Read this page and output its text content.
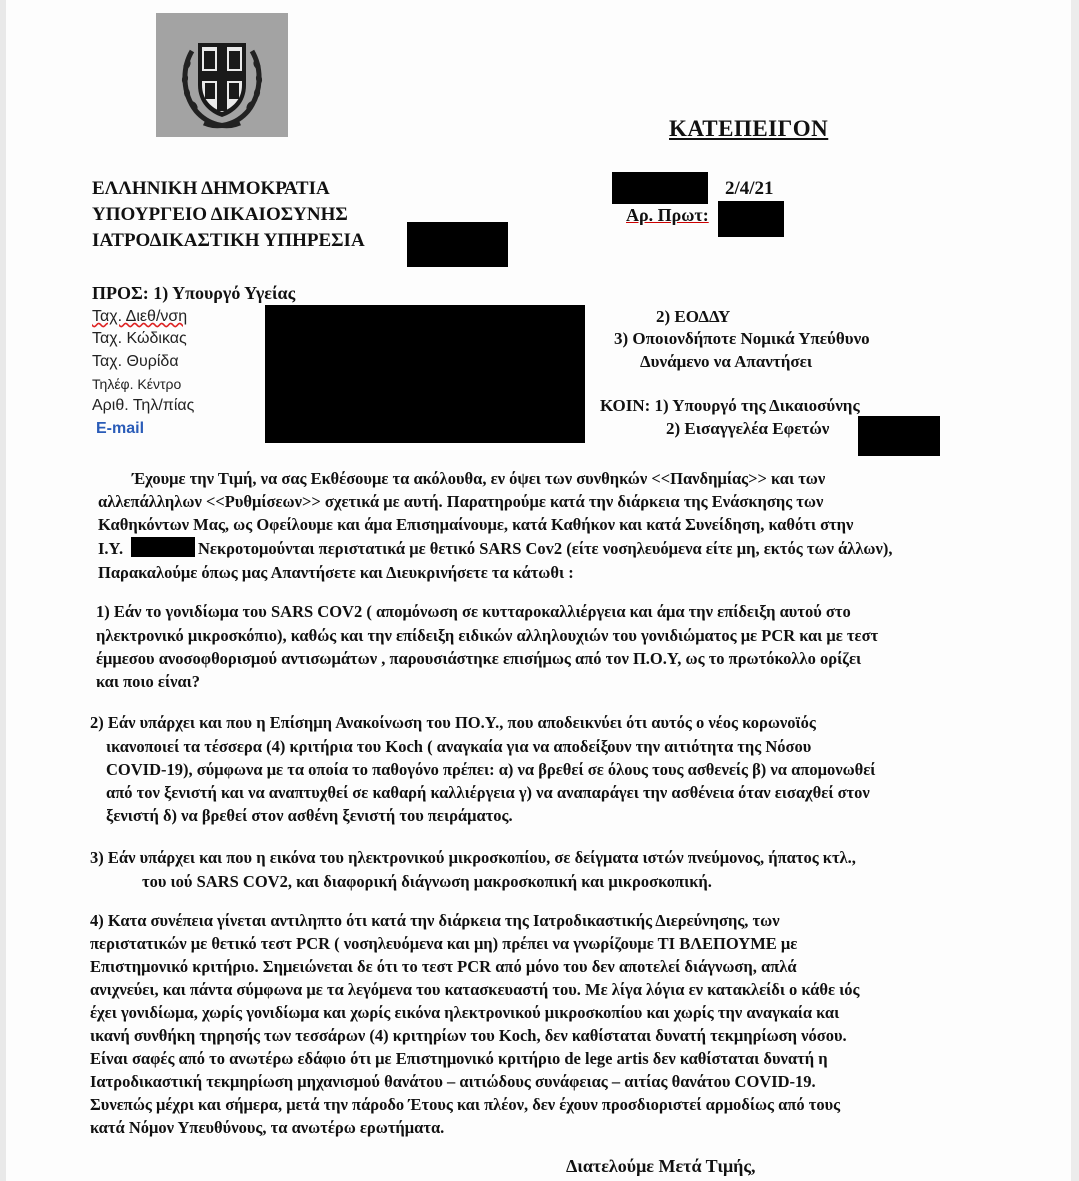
ΚΑΤΕΠΕΙΓΟΝ
ΕΛΛΗΝΙΚΗ ΔΗΜΟΚΡΑΤΙΑ
ΥΠΟΥΡΓΕΙΟ ΔΙΚΑΙΟΣΥΝΗΣ
ΙΑΤΡΟΔΙΚΑΣΤΙΚΗ ΥΠΗΡΕΣΙΑ
2/4/21
Αρ. Πρωτ:
ΠΡΟΣ: 1) Υπουργό Υγείας
Ταχ. Διεθ/νση
Ταχ. Κώδικας
Ταχ. Θυρίδα
Τηλέφ. Κέντρο
Αριθ. Τηλ/πίας
E-mail
2) ΕΟΔΔΥ
3) Οποιονδήποτε Νομικά Υπεύθυνο
Δυνάμενο να Απαντήσει
ΚΟΙΝ: 1) Υπουργό της Δικαιοσύνης
2) Εισαγγελέα Εφετών
Έχουμε την Τιμή, να σας Εκθέσουμε τα ακόλουθα, εν όψει των συνθηκών <<Πανδημίας>> και των
αλλεπάλληλων <<Ρυθμίσεων>> σχετικά με αυτή. Παρατηρούμε κατά την διάρκεια της Ενάσκησης των
Καθηκόντων Μας, ως Οφείλουμε και άμα Επισημαίνουμε, κατά Καθήκον και κατά Συνείδηση, καθότι στην
Ι.Υ.	Νεκροτομούνται περιστατικά με θετικό SARS Cov2 (είτε νοσηλευόμενα είτε μη, εκτός των άλλων),
Παρακαλούμε όπως μας Απαντήσετε και Διευκρινήσετε τα κάτωθι :
1) Εάν το γονιδίωμα του SARS COV2 ( απομόνωση σε κυτταροκαλλιέργεια και άμα την επίδειξη αυτού στο
ηλεκτρονικό μικροσκόπιο), καθώς και την επίδειξη ειδικών αλληλουχιών του γονιδιώματος με PCR και με τεστ
έμμεσου ανοσοφθορισμού αντισωμάτων , παρουσιάστηκε επισήμως από τον Π.Ο.Υ, ως το πρωτόκολλο ορίζει
και ποιο είναι?
2) Εάν υπάρχει και που η Επίσημη Ανακοίνωση του ΠΟ.Υ., που αποδεικνύει ότι αυτός ο νέος κορωνοϊός
ικανοποιεί τα τέσσερα (4) κριτήρια του Koch ( αναγκαία για να αποδείξουν την αιτιότητα της Νόσου
COVID-19), σύμφωνα με τα οποία το παθογόνο πρέπει: α) να βρεθεί σε όλους τους ασθενείς β) να απομονωθεί
από τον ξενιστή και να αναπτυχθεί σε καθαρή καλλιέργεια γ) να αναπαράγει την ασθένεια όταν εισαχθεί στον
ξενιστή δ) να βρεθεί στον ασθένη ξενιστή του πειράματος.
3) Εάν υπάρχει και που η εικόνα του ηλεκτρονικού μικροσκοπίου, σε δείγματα ιστών πνεύμονος, ήπατος κτλ.,
του ιού SARS COV2, και διαφορική διάγνωση μακροσκοπική και μικροσκοπική.
4) Κατα συνέπεια γίνεται αντιληπτο ότι κατά την διάρκεια της Ιατροδικαστικής Διερεύνησης, των
περιστατικών με θετικό τεστ PCR ( νοσηλευόμενα και μη) πρέπει να γνωρίζουμε ΤΙ ΒΛΕΠΟΥΜΕ με
Επιστημονικό κριτήριο. Σημειώνεται δε ότι το τεστ PCR από μόνο του δεν αποτελεί διάγνωση, απλά
ανιχνεύει, και πάντα σύμφωνα με τα λεγόμενα του κατασκευαστή του. Με λίγα λόγια εν κατακλείδι ο κάθε ιός
έχει γονιδίωμα, χωρίς γονιδίωμα και χωρίς εικόνα ηλεκτρονικού μικροσκοπίου και χωρίς την αναγκαία και
ικανή συνθήκη τηρησής των τεσσάρων (4) κριτηρίων του Koch, δεν καθίσταται δυνατή τεκμηρίωση νόσου.
Είναι σαφές από το ανωτέρω εδάφιο ότι με Επιστημονικό κριτήριο de lege artis δεν καθίσταται δυνατή η
Ιατροδικαστική τεκμηρίωση μηχανισμού θανάτου – αιτιώδους συνάφειας – αιτίας θανάτου COVID-19.
Συνεπώς μέχρι και σήμερα, μετά την πάροδο Έτους και πλέον, δεν έχουν προσδιοριστεί αρμοδίως από τους
κατά Νόμον Υπευθύνους, τα ανωτέρω ερωτήματα.
Διατελούμε Μετά Τιμής,
